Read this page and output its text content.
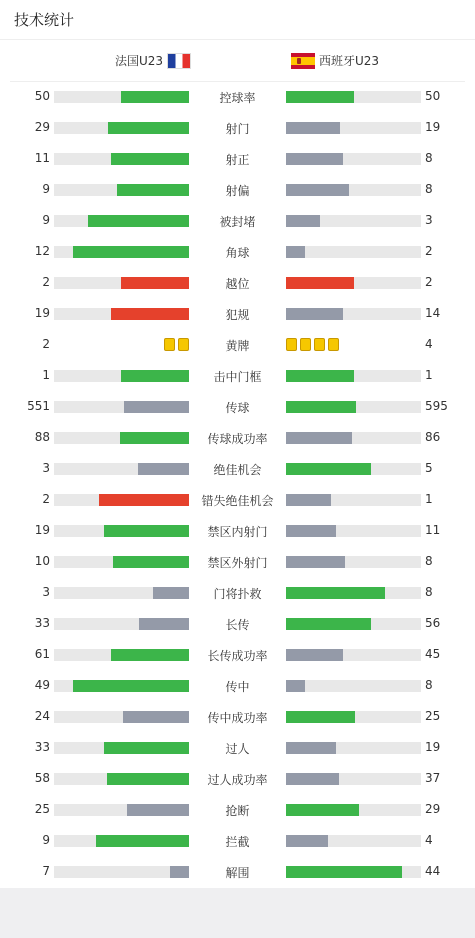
技术统计
法国U23	西班牙U23
50	控球率	50
29	射门	19
11	射正	8
9	射偏	8
9	被封堵	3
12	角球	2
2	越位	2
19	犯规	14
2	黄牌	4
1	击中门框	1
551	传球	595
88	传球成功率	86
3	绝佳机会	5
2	错失绝佳机会	1
19	禁区内射门	11
10	禁区外射门	8
3	门将扑救	8
33	长传	56
61	长传成功率	45
49	传中	8
24	传中成功率	25
33	过人	19
58	过人成功率	37
25	抢断	29
9	拦截	4
7	解围	44
